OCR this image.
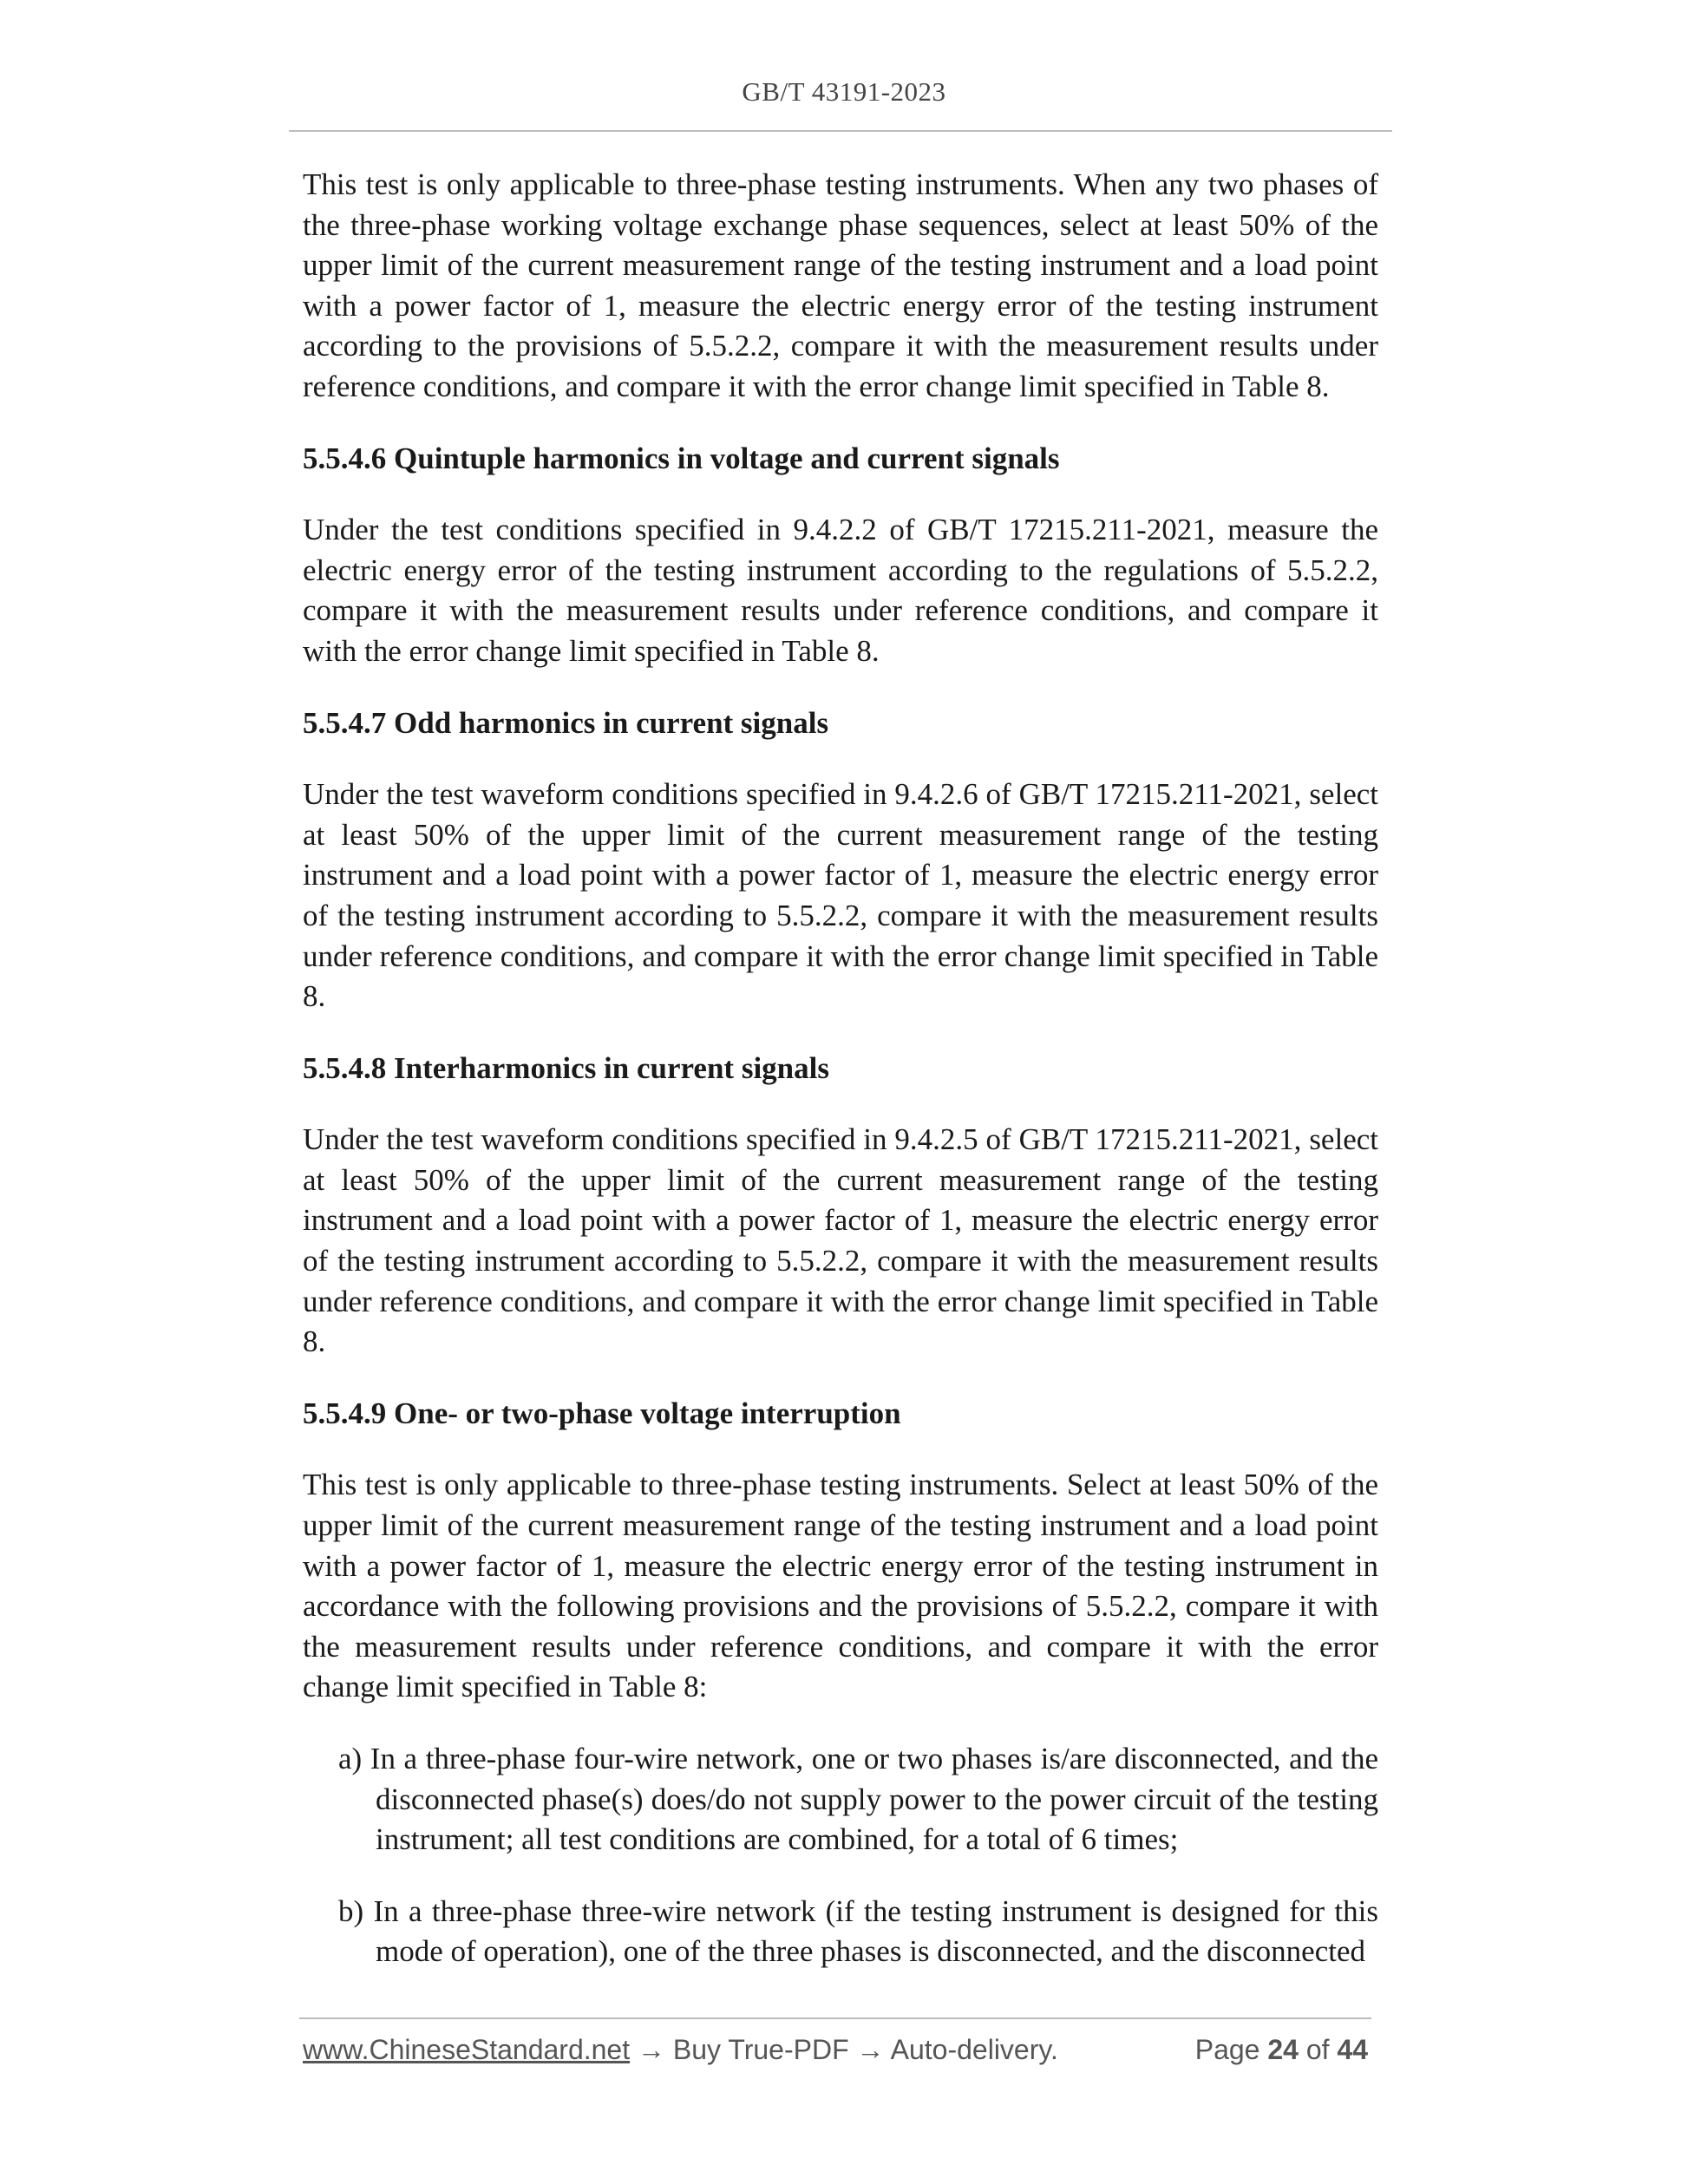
GB/T 43191-2023

This test is only applicable to three-phase testing instruments. When any two phases of the three-phase working voltage exchange phase sequences, select at least 50% of the upper limit of the current measurement range of the testing instrument and a load point with a power factor of 1, measure the electric energy error of the testing instrument according to the provisions of 5.5.2.2, compare it with the measurement results under reference conditions, and compare it with the error change limit specified in Table 8.

5.5.4.6 Quintuple harmonics in voltage and current signals

Under the test conditions specified in 9.4.2.2 of GB/T 17215.211-2021, measure the electric energy error of the testing instrument according to the regulations of 5.5.2.2, compare it with the measurement results under reference conditions, and compare it with the error change limit specified in Table 8.

5.5.4.7 Odd harmonics in current signals

Under the test waveform conditions specified in 9.4.2.6 of GB/T 17215.211-2021, select at least 50% of the upper limit of the current measurement range of the testing instrument and a load point with a power factor of 1, measure the electric energy error of the testing instrument according to 5.5.2.2, compare it with the measurement results under reference conditions, and compare it with the error change limit specified in Table 8.

5.5.4.8 Interharmonics in current signals

Under the test waveform conditions specified in 9.4.2.5 of GB/T 17215.211-2021, select at least 50% of the upper limit of the current measurement range of the testing instrument and a load point with a power factor of 1, measure the electric energy error of the testing instrument according to 5.5.2.2, compare it with the measurement results under reference conditions, and compare it with the error change limit specified in Table 8.

5.5.4.9 One- or two-phase voltage interruption

This test is only applicable to three-phase testing instruments. Select at least 50% of the upper limit of the current measurement range of the testing instrument and a load point with a power factor of 1, measure the electric energy error of the testing instrument in accordance with the following provisions and the provisions of 5.5.2.2, compare it with the measurement results under reference conditions, and compare it with the error change limit specified in Table 8:

a) In a three-phase four-wire network, one or two phases is/are disconnected, and the disconnected phase(s) does/do not supply power to the power circuit of the testing instrument; all test conditions are combined, for a total of 6 times;

b) In a three-phase three-wire network (if the testing instrument is designed for this mode of operation), one of the three phases is disconnected, and the disconnected

www.ChineseStandard.net → Buy True-PDF → Auto-delivery.	Page 24 of 44
